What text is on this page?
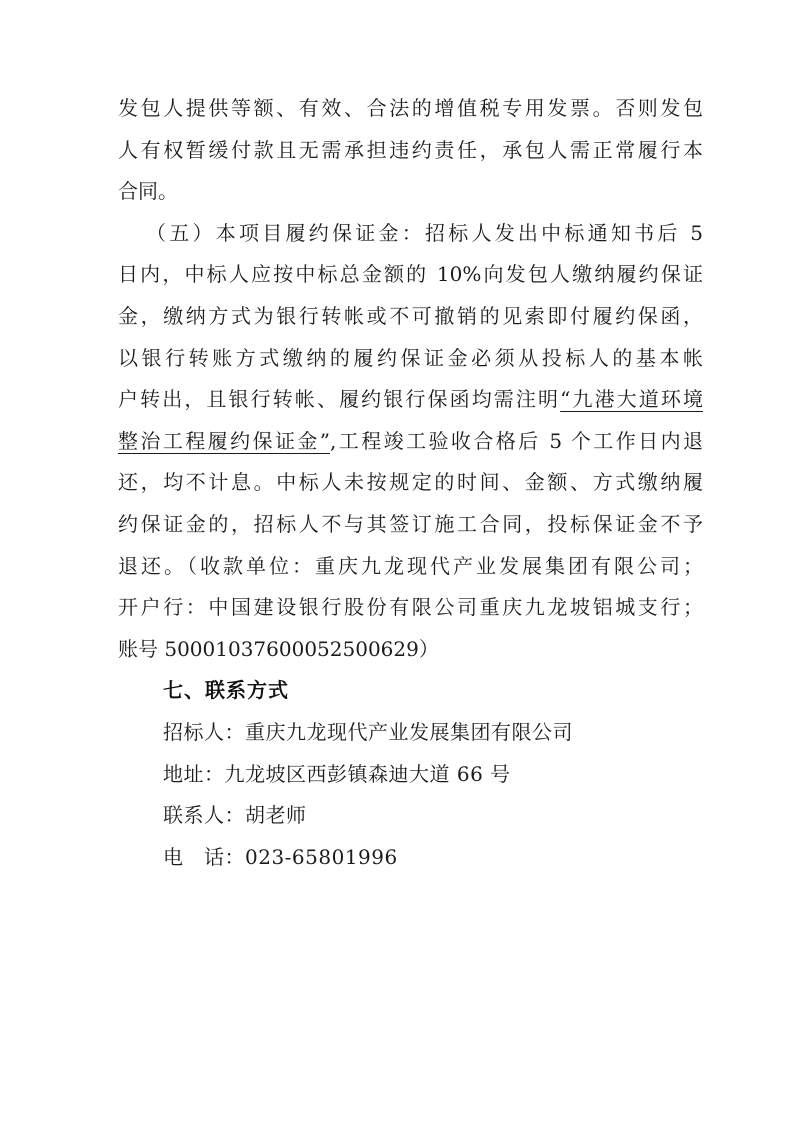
发包人提供等额、有效、合法的增值税专用发票。否则发包
人有权暂缓付款且无需承担违约责任，承包人需正常履行本
合同。
（五）本项目履约保证金：招标人发出中标通知书后 5
日内，中标人应按中标总金额的 10%向发包人缴纳履约保证
金，缴纳方式为银行转帐或不可撤销的见索即付履约保函，
以银行转账方式缴纳的履约保证金必须从投标人的基本帐
户转出，且银行转帐、履约银行保函均需注明“九港大道环境
整治工程履约保证金”,工程竣工验收合格后 5 个工作日内退
还，均不计息。中标人未按规定的时间、金额、方式缴纳履
约保证金的，招标人不与其签订施工合同，投标保证金不予
退还。（收款单位：重庆九龙现代产业发展集团有限公司；
开户行：中国建设银行股份有限公司重庆九龙坡铝城支行；
账号 50001037600052500629）
七、联系方式
招标人：重庆九龙现代产业发展集团有限公司
地址：九龙坡区西彭镇森迪大道 66 号
联系人：胡老师
电　话：023-65801996
